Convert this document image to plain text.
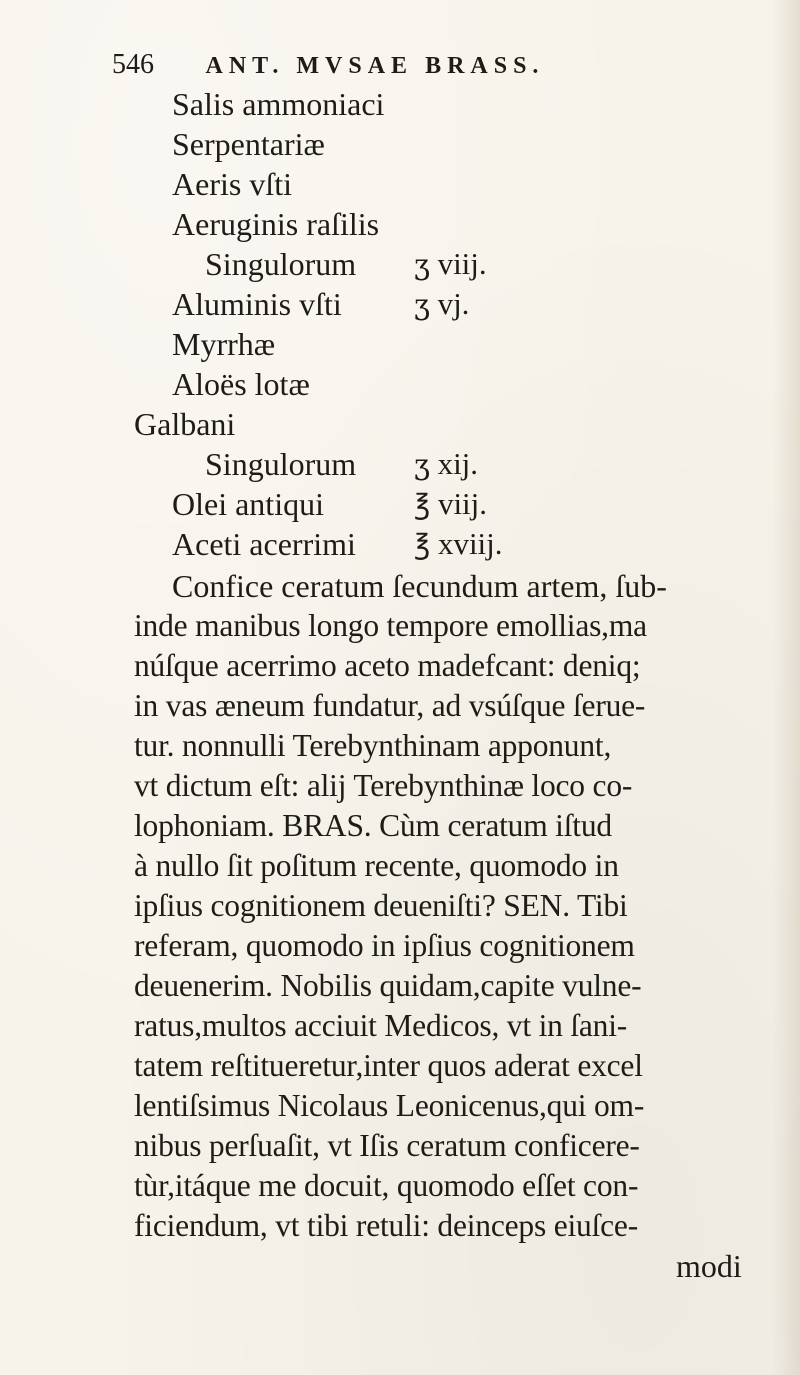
546 ANT. MVSAE BRASS.
Salis ammoniaci
Serpentariæ
Aeris vſti
Aeruginis raſilis
Singulorum ʒ viij.
Aluminis vſti	ʒ vj.
Myrrhæ
Aloës lotæ
Galbani
Singulorum ʒ xij.
Olei antiqui	℥ viij.
Aceti acerrimi ℥ xviij.
Confice ceratum ſecundum artem, ſub-
inde manibus longo tempore emollias,ma
núſque acerrimo aceto madefcant: deniq;
in vas æneum fundatur, ad vsúſque ſerue-
tur. nonnulli Terebynthinam apponunt,
vt dictum eſt: alij Terebynthinæ loco co-
lophoniam. BRAS. Cùm ceratum iſtud
à nullo ſit poſitum recente, quomodo in
ipſius cognitionem deueniſti? SEN. Tibi
referam, quomodo in ipſius cognitionem
deuenerim. Nobilis quidam,capite vulne-
ratus,multos acciuit Medicos, vt in ſani-
tatem reſtitueretur,inter quos aderat excel
lentiſsimus Nicolaus Leonicenus,qui om-
nibus perſuaſit, vt Iſis ceratum conficere-
tùr,itáque me docuit, quomodo eſſet con-
ficiendum, vt tibi retuli: deinceps eiuſce-
modi
